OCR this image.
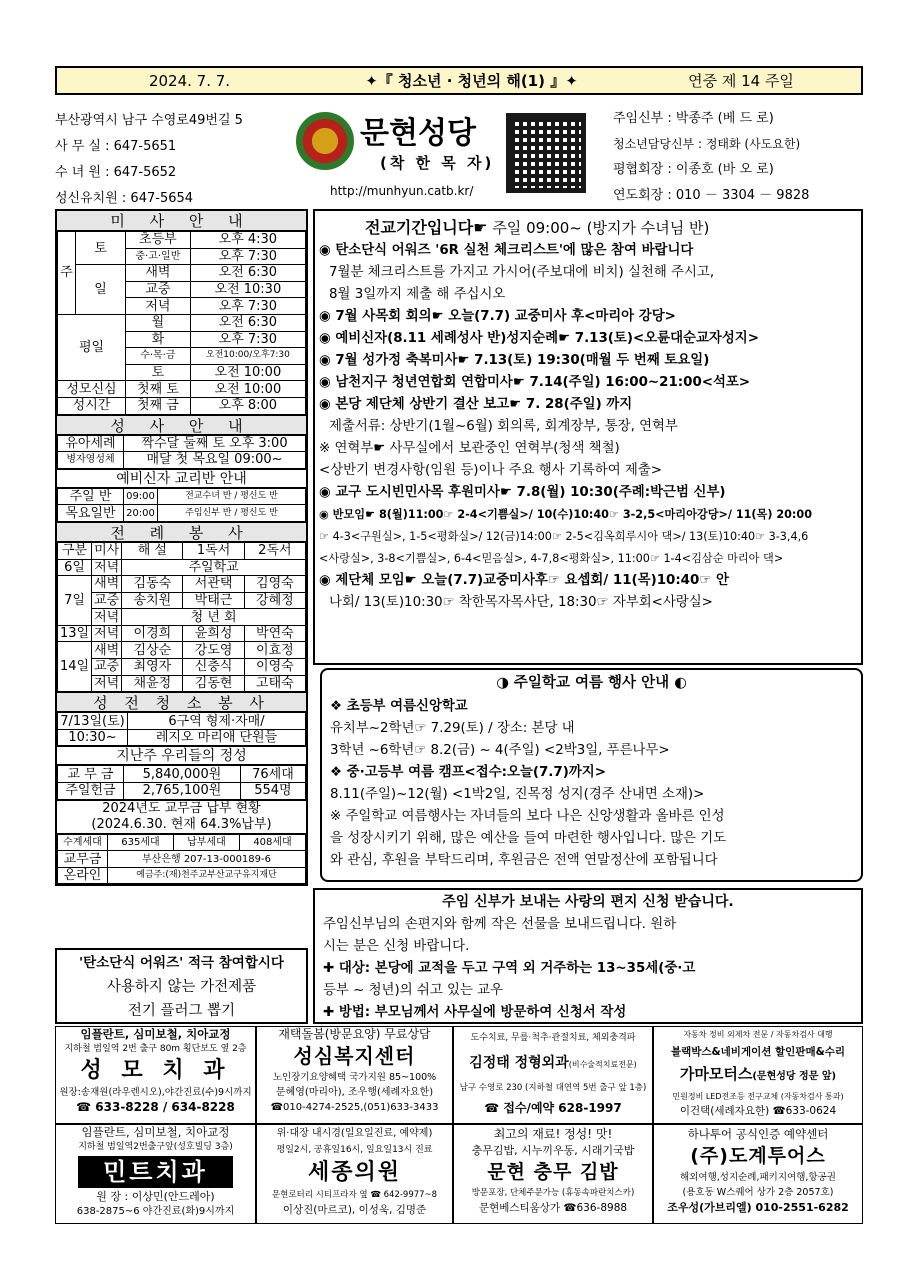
2024. 7. 7.	✦『 청소년 · 청년의 해(1) 』✦	연중 제 14 주일
부산광역시 남구 수영로49번길 5
사 무 실 : 647-5651
수 녀 원 : 647-5652
성신유치원 : 647-5654
문현성당
(착 한 목 자)
http://munhyun.catb.kr/
주임신부 : 박종주 (베 드 로)
청소년담당신부 : 정태화 (사도요한)
평협회장 : 이종호 (바 오 로)
연도회장 : 010 － 3304 － 9828
미 사 안 내
주	토	초등부	오후 4:30
		중·고·일반	오후 7:30
	일	새벽	오전 6:30
		교중	오전 10:30
		저녁	오후 7:30
평일		월	오전 6:30
		화	오후 7:30
		수·목·금	오전10:00/오후7:30
		토	오전 10:00
성모신심		첫째 토	오전 10:00
성시간		첫째 금	오후 8:00
성 사 안 내
유아세례	짝수달 둘째 토 오후 3:00
병자영성체	매달 첫 목요일 09:00~
예비신자 교리반 안내
주일 반	09:00	전교수녀 반 / 평신도 반
목요일반	20:00	주임신부 반 / 평신도 반
전 례 봉 사
구분	미사	해 설	1독서	2독서
6일	저녁	주일학교		
7일	새벽	김동숙	서관택	김영숙
	교중	송치원	박태근	강혜정
	저녁	청 년 회		
13일	저녁	이경희	윤희성	박연숙
14일	새벽	김상순	강도영	이효정
	교중	최영자	신충식	이영숙
	저녁	채윤정	김동현	고태숙
성 전 청 소 봉 사
7/13일(토)	6구역 형제·자매/
10:30~	레지오 마리애 단원들
지난주 우리들의 정성
교 무 금	5,840,000원	76세대
주일헌금	2,765,100원	554명
2024년도 교무금 납부 현황
(2024.6.30. 현재 64.3%납부)
수계세대	635세대	납부세대	408세대
교무금	부산은행 207-13-000189-6		
온라인	예금주:(재)천주교부산교구유지재단		
'탄소단식 어워즈' 적극 참여합시다
사용하지 않는 가전제품
전기 플러그 뽑기
전교기간입니다☛ 주일 09:00~ (방지가 수녀님 반)
◉ 탄소단식 어워즈 '6R 실천 체크리스트'에 많은 참여 바랍니다
7월분 체크리스트를 가지고 가시어(주보대에 비치) 실천해 주시고,
8월 3일까지 제출 해 주십시오
◉ 7월 사목회 회의☛ 오늘(7.7) 교중미사 후<마리아 강당>
◉ 예비신자(8.11 세례성사 반)성지순례☛ 7.13(토)<오륜대순교자성지>
◉ 7월 성가정 축복미사☛ 7.13(토) 19:30(매월 두 번째 토요일)
◉ 남천지구 청년연합회 연합미사☛ 7.14(주일) 16:00~21:00<석포>
◉ 본당 제단체 상반기 결산 보고☛ 7. 28(주일) 까지
제출서류: 상반기(1월~6월) 회의록, 회계장부, 통장, 연혁부
※ 연혁부☛ 사무실에서 보관중인 연혁부(청색 책철)
<상반기 변경사항(임원 등)이나 주요 행사 기록하여 제출>
◉ 교구 도시빈민사목 후원미사☛ 7.8(월) 10:30(주례:박근범 신부)
◉ 반모임☛ 8(월)11:00☞ 2-4<기쁨실>/ 10(수)10:40☞ 3-2,5<마리아강당>/ 11(목) 20:00
☞ 4-3<구원실>, 1-5<평화실>/ 12(금)14:00☞ 2-5<김옥희루시아 댁>/ 13(토)10:40☞ 3-3,4,6
<사랑실>, 3-8<기쁨실>, 6-4<믿음실>, 4-7,8<평화실>, 11:00☞ 1-4<김삼순 마리아 댁>
◉ 제단체 모임☛ 오늘(7.7)교중미사후☞ 요셉회/ 11(목)10:40☞ 안
나회/ 13(토)10:30☞ 착한목자목사단, 18:30☞ 자부회<사랑실>
◑ 주일학교 여름 행사 안내 ◐
❖ 초등부 여름신앙학교
유치부~2학년☞ 7.29(토) / 장소: 본당 내
3학년 ~6학년☞ 8.2(금) ~ 4(주일) <2박3일, 푸른나무>
❖ 중·고등부 여름 캠프<접수:오늘(7.7)까지>
8.11(주일)~12(월) <1박2일, 진목정 성지(경주 산내면 소재)>
※ 주일학교 여름행사는 자녀들의 보다 나은 신앙생활과 올바른 인성
을 성장시키기 위해, 많은 예산을 들여 마련한 행사입니다. 많은 기도
와 관심, 후원을 부탁드리며, 후원금은 전액 연말정산에 포함됩니다
주임 신부가 보내는 사랑의 편지 신청 받습니다.
주임신부님의 손편지와 함께 작은 선물을 보내드립니다. 원하
시는 분은 신청 바랍니다.
✚ 대상: 본당에 교적을 두고 구역 외 거주하는 13~35세(중·고
등부 ~ 청년)의 쉬고 있는 교우
✚ 방법: 부모님께서 사무실에 방문하여 신청서 작성
임플란트, 심미보철, 치아교정
지하철 범일역 2번 출구 80m 횡단보도 옆 2층
성 모 치 과
원장:송재원(라우렌시오),야간진료(수)9시까지
☎ 633-8228 / 634-8228
재택돌봄(방문요양) 무료상담
성심복지센터
노인장기요양혜택 국가지원 85~100%
문혜영(마리아), 조우행(세례자요한)
☎010-4274-2525,(051)633-3433
도수치료, 무릎·척추·관절치료, 체외충격파
김정태 정형외과(비수술적치료전문)
남구 수영로 230 (지하철 대연역 5번 출구 앞 1층)
☎ 접수/예약 628-1997
자동차 정비 외제차 전문 / 자동차검사 대행
블랙박스&네비게이션 할인판매&수리
가마모터스(문현성당 정문 앞)
민원정비 LED전조등 전구교체 (자동차검사 통과)
이건택(세례자요한) ☎633-0624
임플란트, 심미보철, 치아교정
지하철 범일역2번출구앞(성호빌딩 3층)
민트치과
원 장 : 이상민(안드레아)
638-2875~6 야간진료(화)9시까지
위·대장 내시경(일요일진료, 예약제)
평일2시, 공휴일16시, 일요일13시 진료
세종의원
문현로터리 시티프라자 옆 ☎ 642-9977~8
이상진(마르코), 이성욱, 김명준
최고의 재료! 정성! 맛!
충무김밥, 시누끼우동, 시래기국밥
문현 충무 김밥
방문포장, 단체주문가능 (휴동속파란치스카)
문현베스티움상가 ☎636-8988
하나투어 공식인증 예약센터
(주)도계투어스
해외여행,성지순례,패키지여행,항공권
(용호동 W스퀘어 상가 2층 2057호)
조우성(가브리엘) 010-2551-6282
